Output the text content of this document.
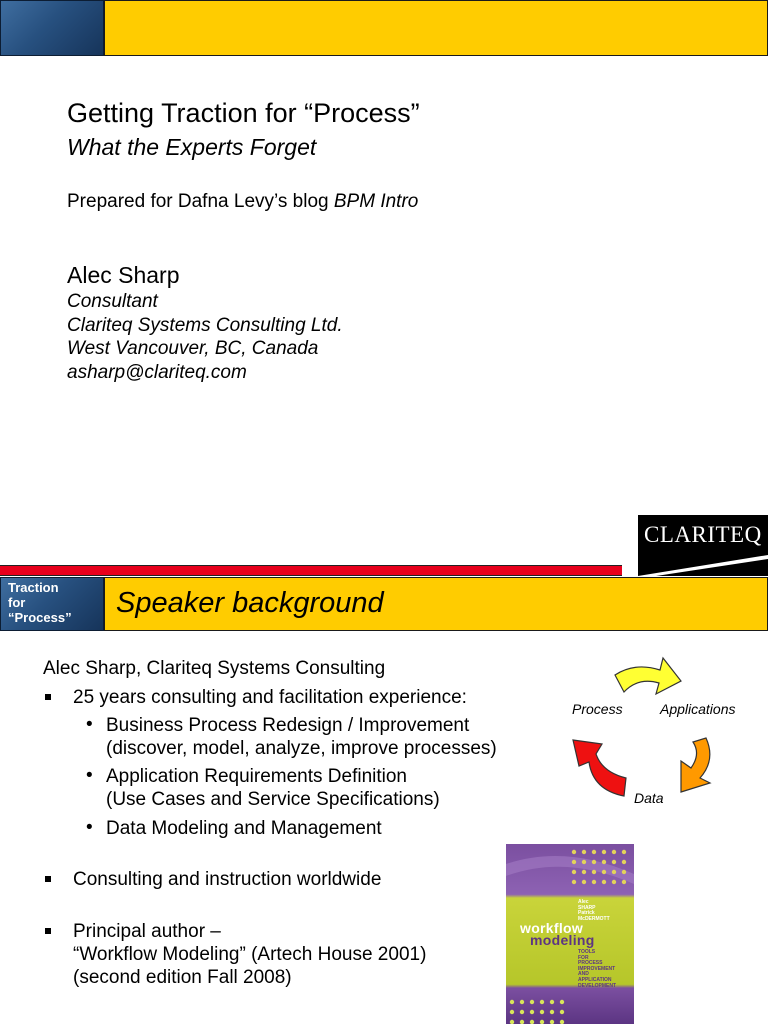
Getting Traction for “Process”
What the Experts Forget
Prepared for Dafna Levy’s blog BPM Intro
Alec Sharp
Consultant
Clariteq Systems Consulting Ltd.
West Vancouver, BC, Canada
asharp@clariteq.com
CLARITEQ
Traction
for
“Process” Speaker background
Alec Sharp, Clariteq Systems Consulting
25 years consulting and facilitation experience:
• Business Process Redesign / Improvement
(discover, model, analyze, improve processes)
• Application Requirements Definition
(Use Cases and Service Specifications)
• Data Modeling and Management
Consulting and instruction worldwide
Principal author –
“Workflow Modeling” (Artech House 2001)
(second edition Fall 2008)
Process	Applications
Data
Alec
SHARP
Patrick
McDERMOTT
workflow
modeling
TOOLS
FOR
PROCESS
IMPROVEMENT
AND
APPLICATION
DEVELOPMENT
